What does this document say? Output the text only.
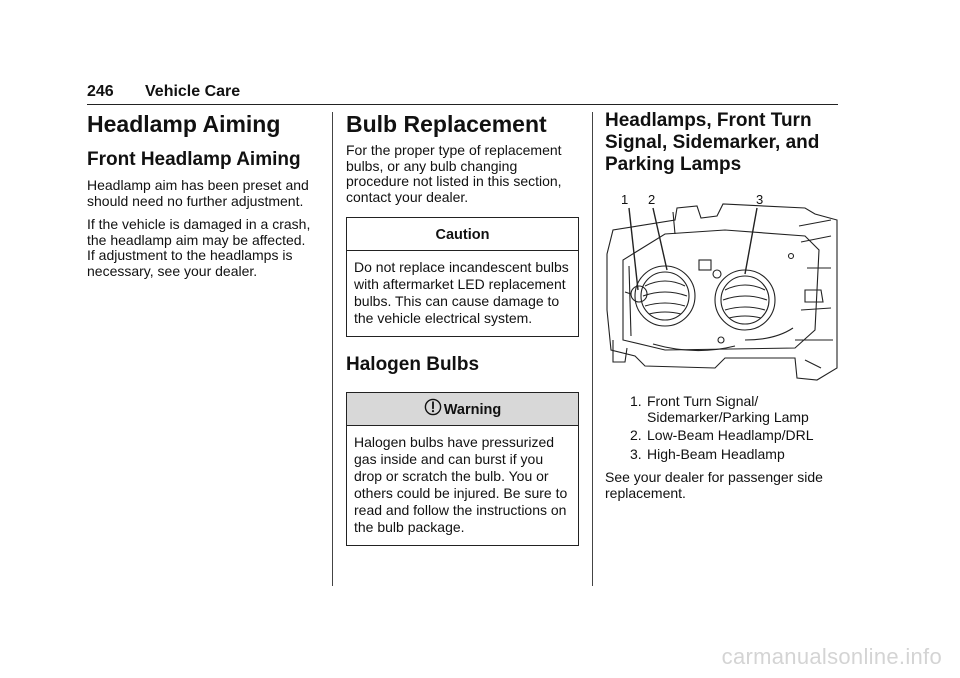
246 Vehicle Care
Headlamp Aiming
Front Headlamp Aiming

Headlamp aim has been preset and should need no further adjustment.

If the vehicle is damaged in a crash, the headlamp aim may be affected. If adjustment to the headlamps is necessary, see your dealer.

Bulb Replacement

For the proper type of replacement bulbs, or any bulb changing procedure not listed in this section, contact your dealer.

Caution
Do not replace incandescent bulbs with aftermarket LED replacement bulbs. This can cause damage to the vehicle electrical system.
Halogen Bulbs
Warning
Halogen bulbs have pressurized gas inside and can burst if you drop or scratch the bulb. You or others could be injured. Be sure to read and follow the instructions on the bulb package.
Headlamps, Front Turn Signal, Sidemarker, and Parking Lamps
1 2	3
1. Front Turn Signal/ Sidemarker/Parking Lamp
2. Low-Beam Headlamp/DRL
3. High-Beam Headlamp

See your dealer for passenger side replacement.

carmanualsonline.info
